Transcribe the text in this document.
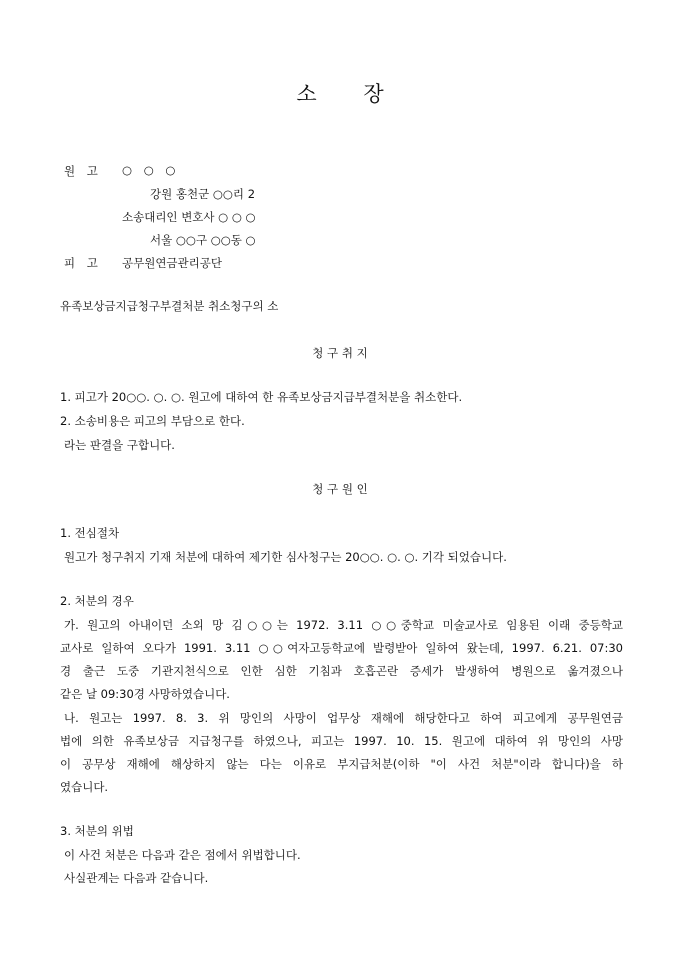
소 장
원 고 ○ ○ ○
강원 홍천군 ○○리 2
소송대리인 변호사 ○ ○ ○
서울 ○○구 ○○동 ○
피 고 공무원연금관리공단
유족보상금지급청구부결처분 취소청구의 소
청 구 취 지
1. 피고가 20○○. ○. ○. 원고에 대하여 한 유족보상금지급부결처분을 취소한다.
2. 소송비용은 피고의 부담으로 한다.
라는 판결을 구합니다.
청 구 원 인
1. 전심절차
원고가 청구취지 기재 처분에 대하여 제기한 심사청구는 20○○. ○. ○. 기각 되었습니다.
2. 처분의 경우
가. 원고의 아내이던 소외 망 김○○는 1972. 3.11 ○○중학교 미술교사로 임용된 이래 중등학교
교사로 일하여 오다가 1991. 3.11 ○○여자고등학교에 발령받아 일하여 왔는데, 1997. 6.21. 07:30
경 출근 도중 기관지천식으로 인한 심한 기침과 호흡곤란 증세가 발생하여 병원으로 옮겨졌으나
같은 날 09:30경 사망하였습니다.
나. 원고는 1997. 8. 3. 위 망인의 사망이 업무상 재해에 해당한다고 하여 피고에게 공무원연금
법에 의한 유족보상금 지급청구를 하였으나, 피고는 1997. 10. 15. 원고에 대하여 위 망인의 사망
이 공무상 재해에 해상하지 않는 다는 이유로 부지급처분(이하 "이 사건 처분"이라 합니다)을 하
였습니다.
3. 처분의 위법
이 사건 처분은 다음과 같은 점에서 위법합니다.
사실관계는 다음과 같습니다.
